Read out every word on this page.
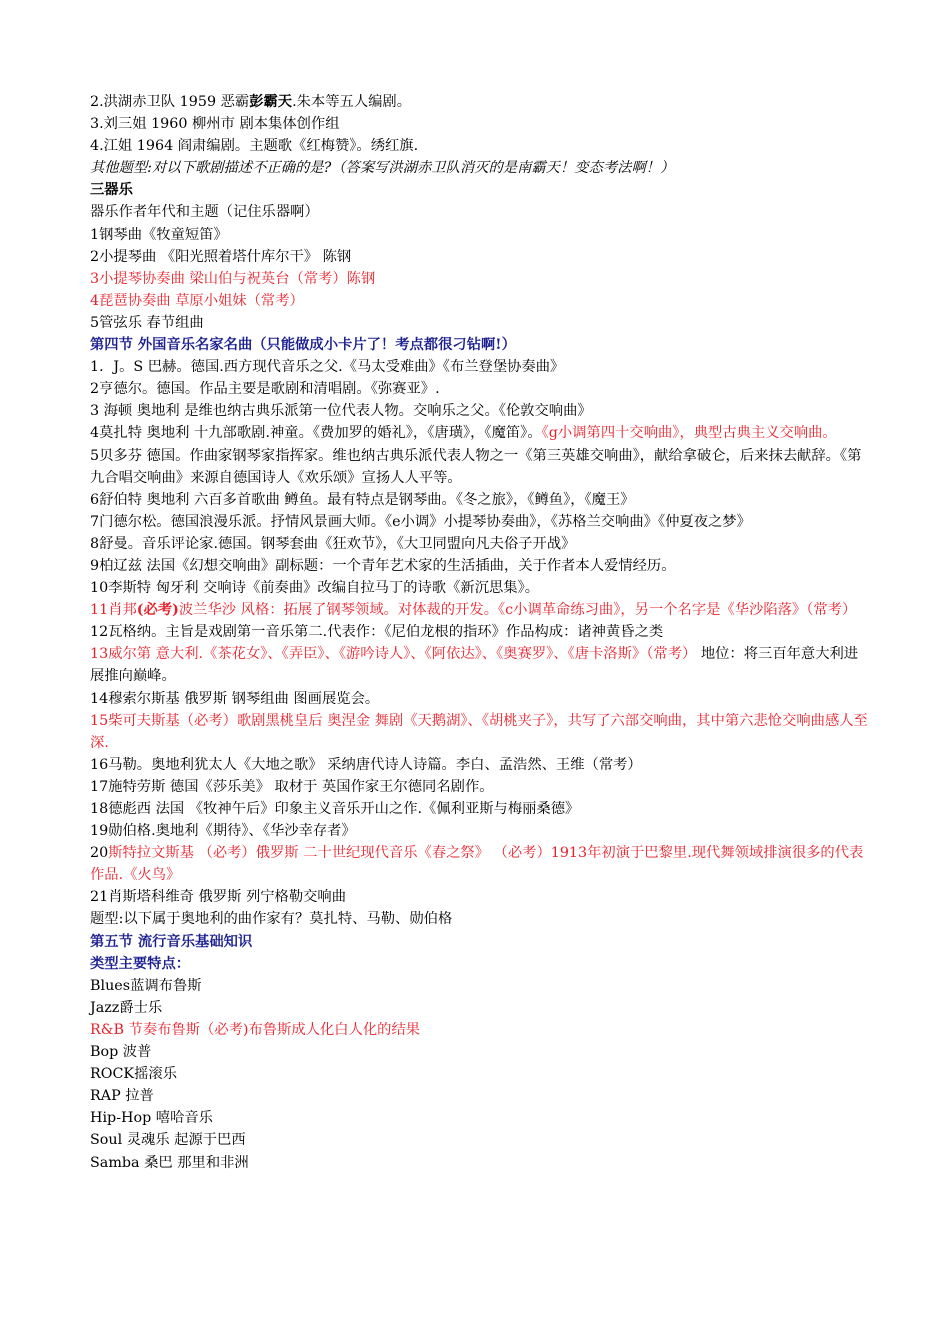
2.洪湖赤卫队 1959 恶霸彭霸天.朱本等五人编剧。
3.刘三姐 1960 柳州市 剧本集体创作组
4.江姐 1964 阎肃编剧。主题歌《红梅赞》。绣红旗.
其他题型:对以下歌剧描述不正确的是?（答案写洪湖赤卫队消灭的是南霸天！变态考法啊！）
三器乐
器乐作者年代和主题（记住乐器啊）
1钢琴曲《牧童短笛》
2小提琴曲 《阳光照着塔什库尔干》 陈钢
3小提琴协奏曲 梁山伯与祝英台（常考）陈钢
4琵琶协奏曲 草原小姐妹（常考）
5管弦乐 春节组曲
第四节 外国音乐名家名曲（只能做成小卡片了！考点都很刁钻啊!）
1．J。S 巴赫。德国.西方现代音乐之父.《马太受难曲》《布兰登堡协奏曲》
2亨德尔。德国。作品主要是歌剧和清唱剧。《弥赛亚》.
3 海顿 奥地利 是维也纳古典乐派第一位代表人物。交响乐之父。《伦敦交响曲》
4莫扎特 奥地利 十九部歌剧.神童。《费加罗的婚礼》，《唐璜》，《魔笛》。《g小调第四十交响曲》，典型古典主义交响曲。
5贝多芬 德国。作曲家钢琴家指挥家。维也纳古典乐派代表人物之一《第三英雄交响曲》，献给拿破仑，后来抹去献辞。《第九合唱交响曲》来源自德国诗人《欢乐颂》宣扬人人平等。
6舒伯特 奥地利 六百多首歌曲 鳟鱼。最有特点是钢琴曲。《冬之旅》，《鳟鱼》，《魔王》
7门德尔松。德国浪漫乐派。抒情风景画大师。《e小调》小提琴协奏曲》，《苏格兰交响曲》《仲夏夜之梦》
8舒曼。音乐评论家.德国。钢琴套曲《狂欢节》，《大卫同盟向凡夫俗子开战》
9柏辽兹 法国《幻想交响曲》副标题：一个青年艺术家的生活插曲，关于作者本人爱情经历。
10李斯特 匈牙利 交响诗《前奏曲》改编自拉马丁的诗歌《新沉思集》。
11肖邦(必考)波兰华沙 风格：拓展了钢琴领域。对体裁的开发。《c小调革命练习曲》，另一个名字是《华沙陷落》（常考）
12瓦格纳。主旨是戏剧第一音乐第二.代表作：《尼伯龙根的指环》作品构成：诸神黄昏之类
13威尔第 意大利.《茶花女》、《弄臣》、《游吟诗人》、《阿依达》、《奥赛罗》、《唐卡洛斯》（常考） 地位：将三百年意大利进展推向巅峰。
14穆索尔斯基 俄罗斯 钢琴组曲 图画展览会。
15柴可夫斯基（必考）歌剧黑桃皇后 奥涅金 舞剧《天鹅湖》、《胡桃夹子》，共写了六部交响曲，其中第六悲怆交响曲感人至深.
16马勒。奥地利犹太人《大地之歌》 采纳唐代诗人诗篇。李白、孟浩然、王维（常考）
17施特劳斯 德国《莎乐美》 取材于 英国作家王尔德同名剧作。
18德彪西 法国 《牧神午后》印象主义音乐开山之作.《佩利亚斯与梅丽桑德》
19勋伯格.奥地利《期待》、《华沙幸存者》
20斯特拉文斯基 （必考）俄罗斯 二十世纪现代音乐《春之祭》 （必考）1913年初演于巴黎里.现代舞领域排演很多的代表作品.《火鸟》
21肖斯塔科维奇 俄罗斯 列宁格勒交响曲
题型:以下属于奥地利的曲作家有？莫扎特、马勒、勋伯格
第五节 流行音乐基础知识
类型主要特点：
Blues蓝调布鲁斯
Jazz爵士乐
R&B 节奏布鲁斯（必考)布鲁斯成人化白人化的结果
Bop 波普
ROCK摇滚乐
RAP 拉普
Hip-Hop 嘻哈音乐
Soul 灵魂乐 起源于巴西
Samba 桑巴 那里和非洲
